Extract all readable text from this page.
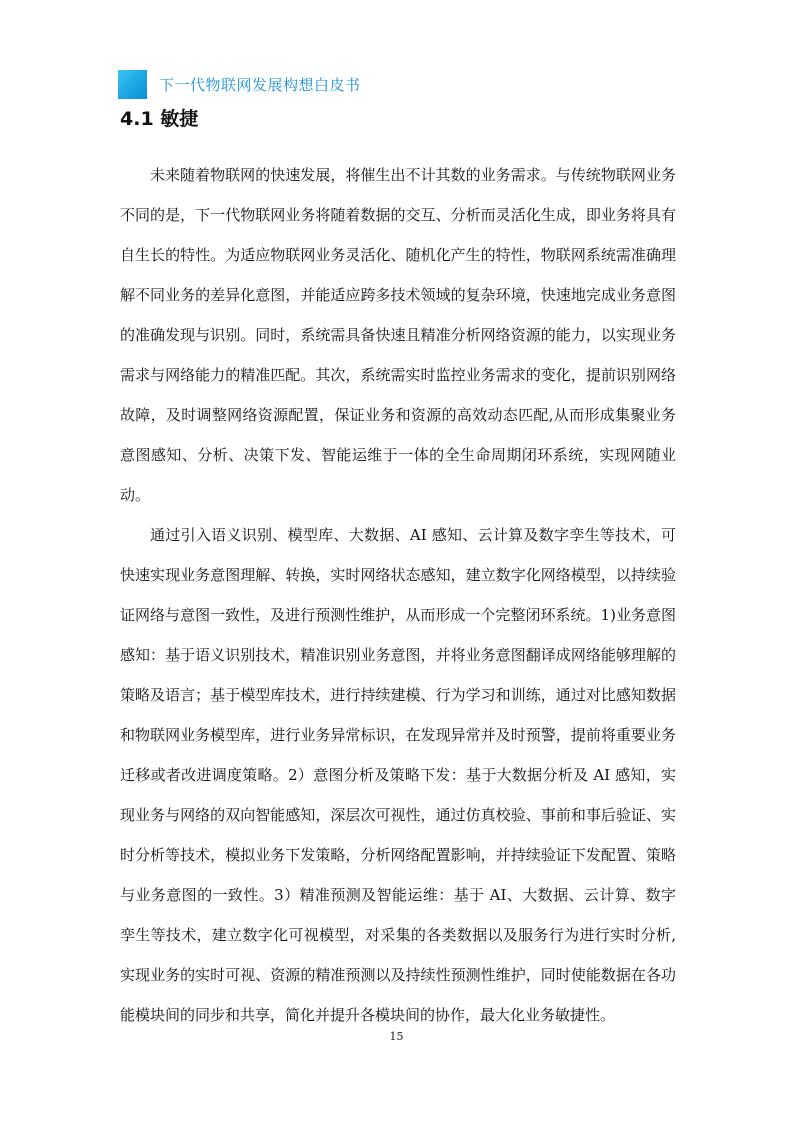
下一代物联网发展构想白皮书
4.1 敏捷

未来随着物联网的快速发展，将催生出不计其数的业务需求。与传统物联网业务不同的是，下一代物联网业务将随着数据的交互、分析而灵活化生成，即业务将具有自生长的特性。为适应物联网业务灵活化、随机化产生的特性，物联网系统需准确理解不同业务的差异化意图，并能适应跨多技术领域的复杂环境，快速地完成业务意图的准确发现与识别。同时，系统需具备快速且精准分析网络资源的能力，以实现业务需求与网络能力的精准匹配。其次，系统需实时监控业务需求的变化，提前识别网络故障，及时调整网络资源配置，保证业务和资源的高效动态匹配,从而形成集聚业务意图感知、分析、决策下发、智能运维于一体的全生命周期闭环系统，实现网随业动。

通过引入语义识别、模型库、大数据、AI 感知、云计算及数字孪生等技术，可快速实现业务意图理解、转换，实时网络状态感知，建立数字化网络模型，以持续验证网络与意图一致性，及进行预测性维护，从而形成一个完整闭环系统。1)业务意图感知：基于语义识别技术，精准识别业务意图，并将业务意图翻译成网络能够理解的策略及语言；基于模型库技术，进行持续建模、行为学习和训练，通过对比感知数据和物联网业务模型库，进行业务异常标识，在发现异常并及时预警，提前将重要业务迁移或者改进调度策略。2）意图分析及策略下发：基于大数据分析及 AI 感知，实现业务与网络的双向智能感知，深层次可视性，通过仿真校验、事前和事后验证、实时分析等技术，模拟业务下发策略，分析网络配置影响，并持续验证下发配置、策略与业务意图的一致性。3）精准预测及智能运维：基于 AI、大数据、云计算、数字孪生等技术，建立数字化可视模型，对采集的各类数据以及服务行为进行实时分析,实现业务的实时可视、资源的精准预测以及持续性预测性维护，同时使能数据在各功能模块间的同步和共享，简化并提升各模块间的协作，最大化业务敏捷性。

15
